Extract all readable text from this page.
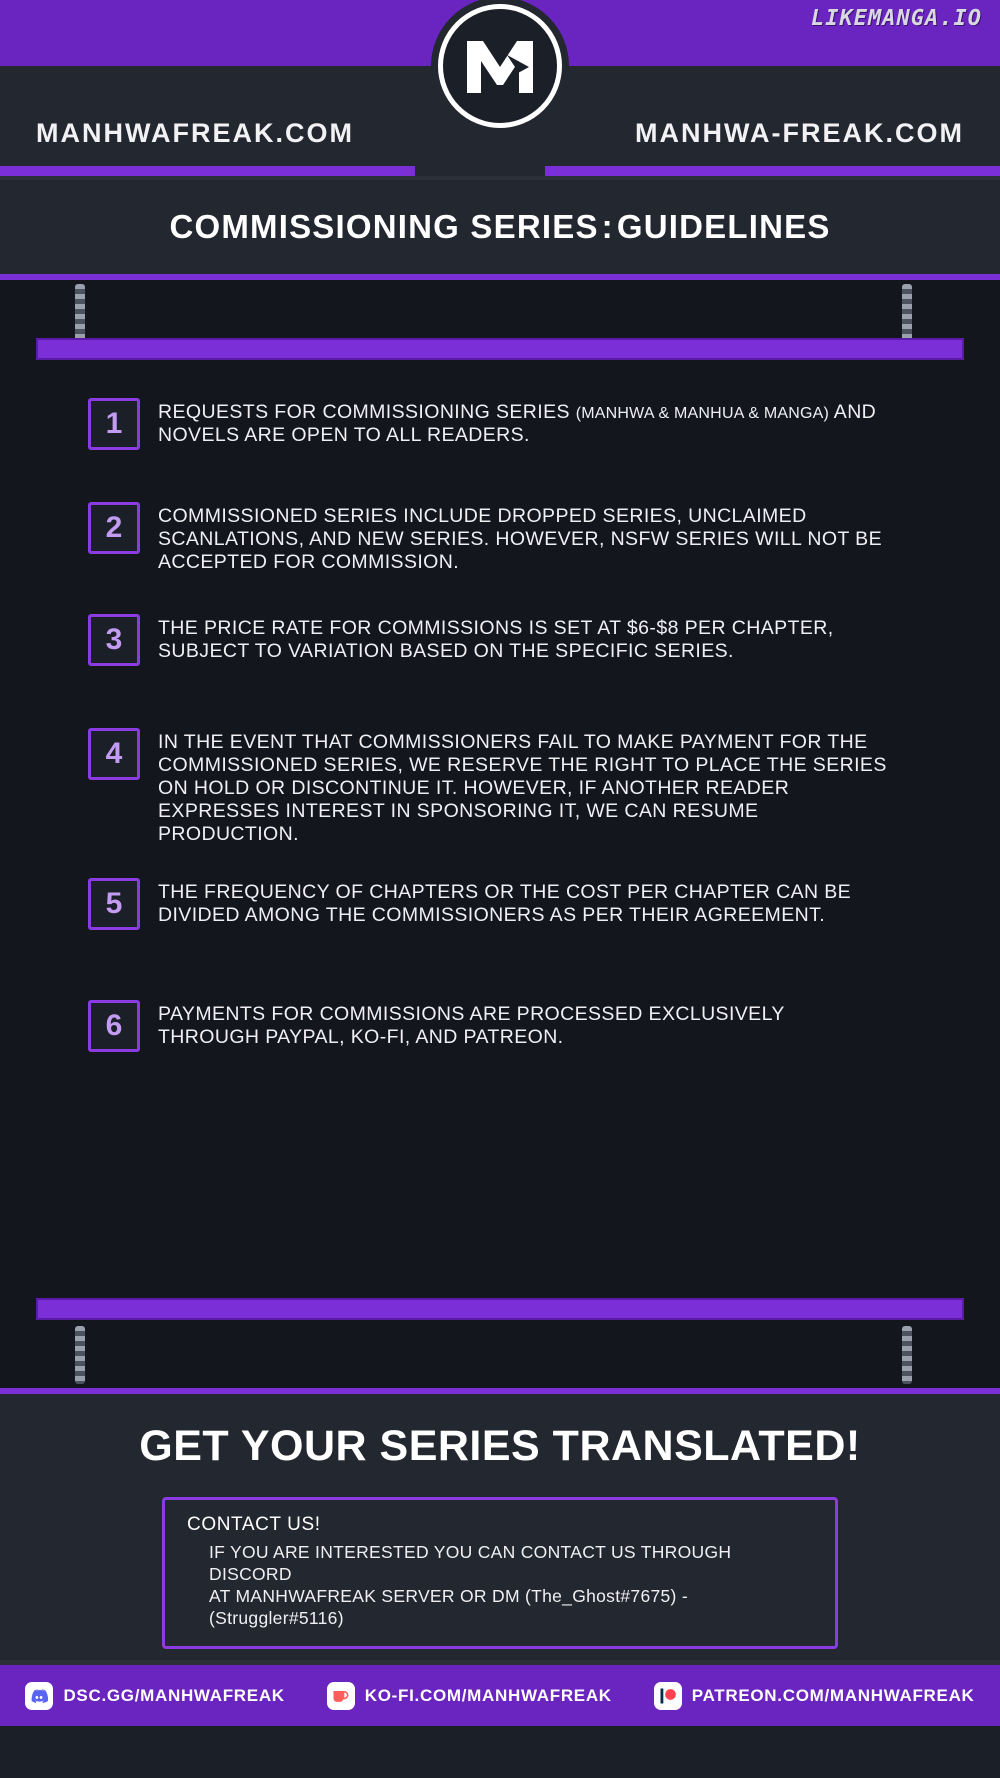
LIKEMANGA.IO
MANHWAFREAK.COM	MANHWA-FREAK.COM
COMMISSIONING SERIES:GUIDELINES
1	REQUESTS FOR COMMISSIONING SERIES (MANHWA & MANHUA & MANGA) AND NOVELS ARE OPEN TO ALL READERS.
2	COMMISSIONED SERIES INCLUDE DROPPED SERIES, UNCLAIMED SCANLATIONS, AND NEW SERIES. HOWEVER, NSFW SERIES WILL NOT BE ACCEPTED FOR COMMISSION.
3	THE PRICE RATE FOR COMMISSIONS IS SET AT $6-$8 PER CHAPTER, SUBJECT TO VARIATION BASED ON THE SPECIFIC SERIES.
4	IN THE EVENT THAT COMMISSIONERS FAIL TO MAKE PAYMENT FOR THE COMMISSIONED SERIES, WE RESERVE THE RIGHT TO PLACE THE SERIES ON HOLD OR DISCONTINUE IT. HOWEVER, IF ANOTHER READER EXPRESSES INTEREST IN SPONSORING IT, WE CAN RESUME PRODUCTION.
5	THE FREQUENCY OF CHAPTERS OR THE COST PER CHAPTER CAN BE DIVIDED AMONG THE COMMISSIONERS AS PER THEIR AGREEMENT.
6	PAYMENTS FOR COMMISSIONS ARE PROCESSED EXCLUSIVELY THROUGH PAYPAL, KO-FI, AND PATREON.
GET YOUR SERIES TRANSLATED!
CONTACT US!
IF YOU ARE INTERESTED YOU CAN CONTACT US THROUGH DISCORD
AT MANHWAFREAK SERVER OR DM (The_Ghost#7675) - (Struggler#5116)
DSC.GG/MANHWAFREAK	KO-FI.COM/MANHWAFREAK	PATREON.COM/MANHWAFREAK
